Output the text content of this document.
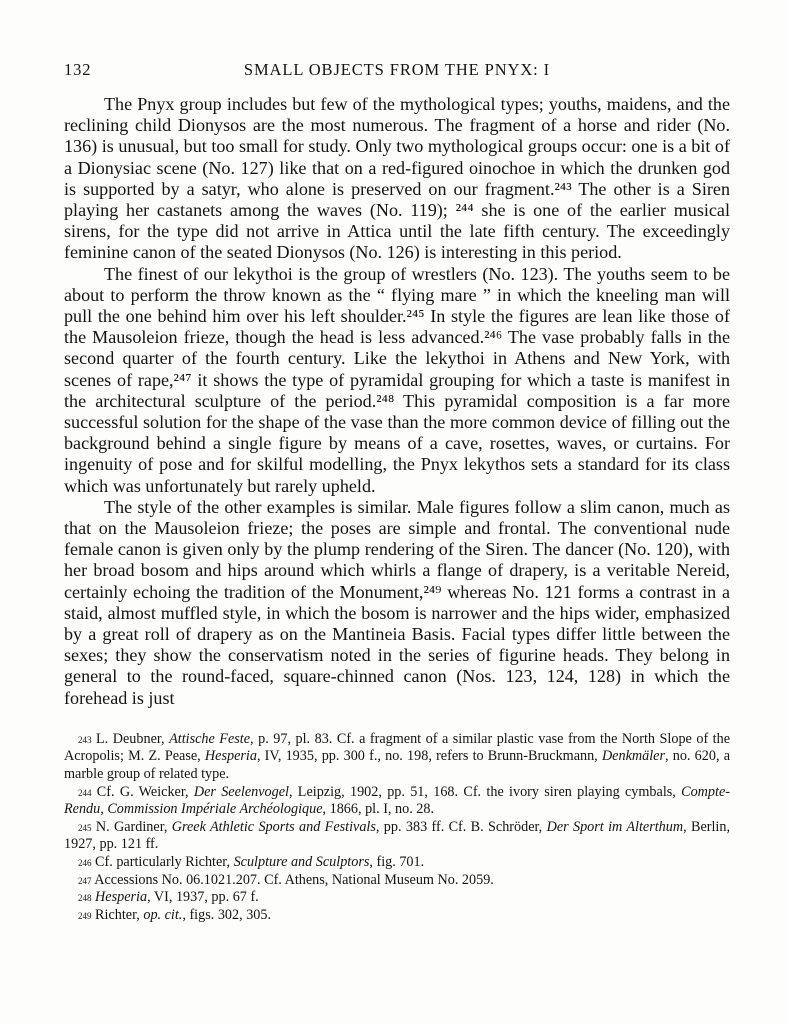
132	SMALL OBJECTS FROM THE PNYX: I

The Pnyx group includes but few of the mythological types; youths, maidens, and the reclining child Dionysos are the most numerous. The fragment of a horse and rider (No. 136) is unusual, but too small for study. Only two mythological groups occur: one is a bit of a Dionysiac scene (No. 127) like that on a red-figured oinochoe in which the drunken god is supported by a satyr, who alone is preserved on our fragment.²⁴³ The other is a Siren playing her castanets among the waves (No. 119); ²⁴⁴ she is one of the earlier musical sirens, for the type did not arrive in Attica until the late fifth century. The exceedingly feminine canon of the seated Dionysos (No. 126) is interesting in this period.

The finest of our lekythoi is the group of wrestlers (No. 123). The youths seem to be about to perform the throw known as the “ flying mare ” in which the kneeling man will pull the one behind him over his left shoulder.²⁴⁵ In style the figures are lean like those of the Mausoleion frieze, though the head is less advanced.²⁴⁶ The vase probably falls in the second quarter of the fourth century. Like the lekythoi in Athens and New York, with scenes of rape,²⁴⁷ it shows the type of pyramidal grouping for which a taste is manifest in the architectural sculpture of the period.²⁴⁸ This pyramidal composition is a far more successful solution for the shape of the vase than the more common device of filling out the background behind a single figure by means of a cave, rosettes, waves, or curtains. For ingenuity of pose and for skilful modelling, the Pnyx lekythos sets a standard for its class which was unfortunately but rarely upheld.

The style of the other examples is similar. Male figures follow a slim canon, much as that on the Mausoleion frieze; the poses are simple and frontal. The conventional nude female canon is given only by the plump rendering of the Siren. The dancer (No. 120), with her broad bosom and hips around which whirls a flange of drapery, is a veritable Nereid, certainly echoing the tradition of the Monument,²⁴⁹ whereas No. 121 forms a contrast in a staid, almost muffled style, in which the bosom is narrower and the hips wider, emphasized by a great roll of drapery as on the Mantineia Basis. Facial types differ little between the sexes; they show the conservatism noted in the series of figurine heads. They belong in general to the round-faced, square-chinned canon (Nos. 123, 124, 128) in which the forehead is just

$^{243}$ L. Deubner, Attische Feste, p. 97, pl. 83. Cf. a fragment of a similar plastic vase from the North Slope of the Acropolis; M. Z. Pease, Hesperia, IV, 1935, pp. 300 f., no. 198, refers to Brunn-Bruckmann, Denkmäler, no. 620, a marble group of related type.

$^{244}$ Cf. G. Weicker, Der Seelenvogel, Leipzig, 1902, pp. 51, 168. Cf. the ivory siren playing cymbals, Compte-Rendu, Commission Impériale Archéologique, 1866, pl. I, no. 28.

$^{245}$ N. Gardiner, Greek Athletic Sports and Festivals, pp. 383 ff. Cf. B. Schröder, Der Sport im Alterthum, Berlin, 1927, pp. 121 ff.

$^{246}$ Cf. particularly Richter, Sculpture and Sculptors, fig. 701.

$^{247}$ Accessions No. 06.1021.207. Cf. Athens, National Museum No. 2059.

$^{248}$ Hesperia, VI, 1937, pp. 67 f.

$^{249}$ Richter, op. cit., figs. 302, 305.
